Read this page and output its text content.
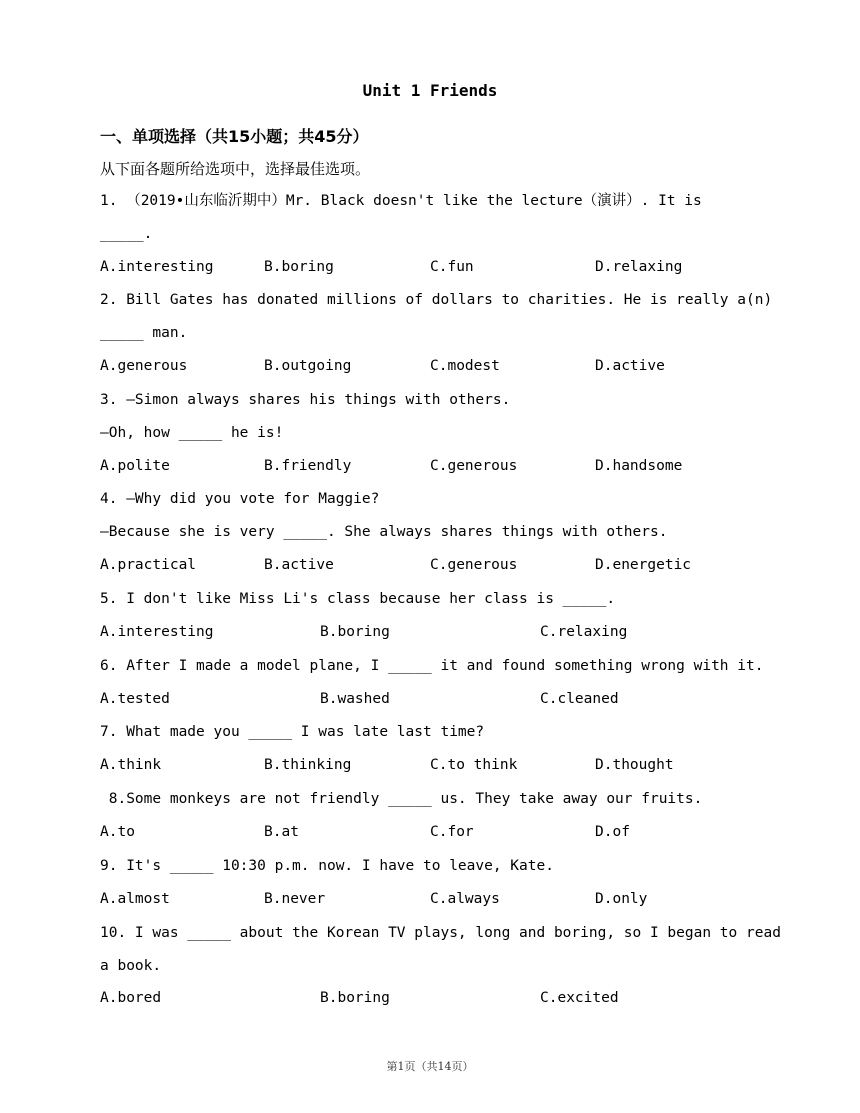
Unit 1 Friends
一、单项选择（共15小题；共45分）
从下面各题所给选项中，选择最佳选项。
1. （2019•山东临沂期中）Mr. Black doesn't like the lecture（演讲）. It is
_____.
A.interesting	B.boring	C.fun	D.relaxing
2. Bill Gates has donated millions of dollars to charities. He is really a(n)
_____ man.
A.generous	B.outgoing	C.modest	D.active
3. —Simon always shares his things with others.
—Oh, how _____ he is!
A.polite	B.friendly	C.generous	D.handsome
4. —Why did you vote for Maggie?
—Because she is very _____. She always shares things with others.
A.practical	B.active	C.generous	D.energetic
5. I don't like Miss Li's class because her class is _____.
A.interesting	B.boring	C.relaxing
6. After I made a model plane, I _____ it and found something wrong with it.
A.tested	B.washed	C.cleaned
7. What made you _____ I was late last time?
A.think	B.thinking	C.to think	D.thought
8.Some monkeys are not friendly _____ us. They take away our fruits.
A.to	B.at	C.for	D.of
9. It's _____ 10:30 p.m. now. I have to leave, Kate.
A.almost	B.never	C.always	D.only
10. I was _____ about the Korean TV plays, long and boring, so I began to read
a book.
A.bored	B.boring	C.excited
第1页（共14页）
